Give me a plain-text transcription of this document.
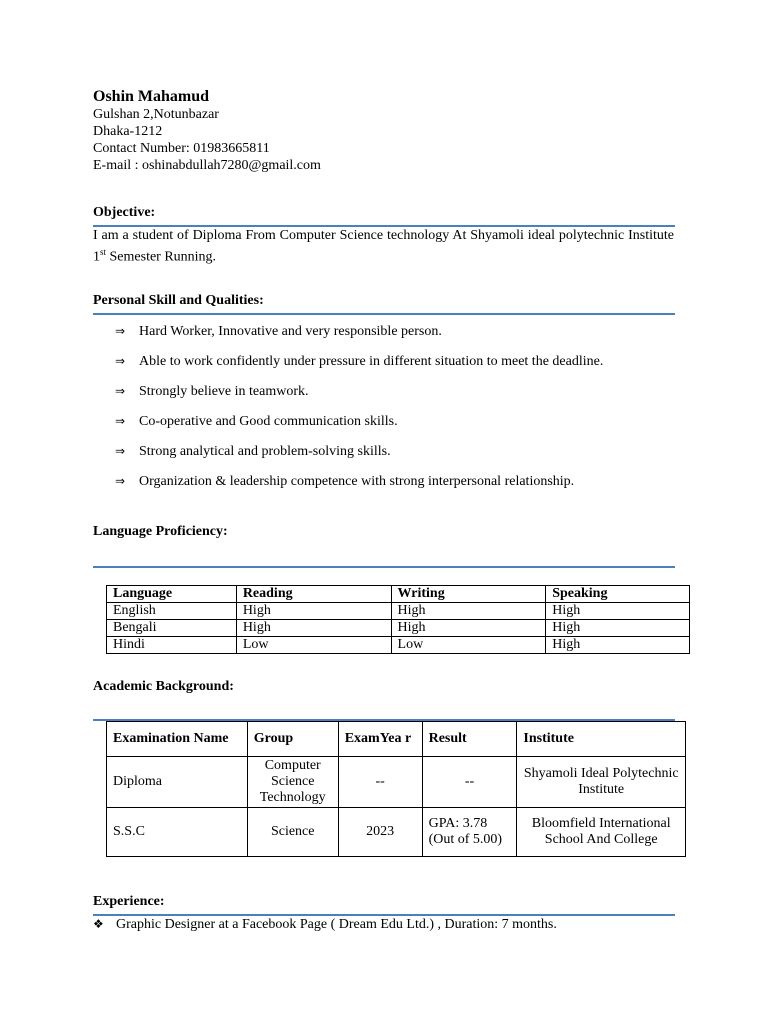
Oshin Mahamud
Gulshan 2,Notunbazar
Dhaka-1212
Contact Number: 01983665811
E-mail : oshinabdullah7280@gmail.com
Objective:
I am a student of Diploma From Computer Science technology At Shyamoli ideal polytechnic Institute 1st Semester Running.
Personal Skill and Qualities:
⇒ Hard Worker, Innovative and very responsible person.
⇒ Able to work confidently under pressure in different situation to meet the deadline.
⇒ Strongly believe in teamwork.
⇒ Co-operative and Good communication skills.
⇒ Strong analytical and problem-solving skills.
⇒ Organization & leadership competence with strong interpersonal relationship.
Language Proficiency:
Language	Reading	Writing	Speaking
English	High	High	High
Bengali	High	High	High
Hindi	Low	Low	High
Academic Background:
Examination Name	Group	ExamYea r	Result	Institute
Diploma	Computer Science Technology	--	--	Shyamoli Ideal Polytechnic Institute
S.S.C	Science	2023	GPA: 3.78 (Out of 5.00)	Bloomfield International School And College
Experience:
❖ Graphic Designer at a Facebook Page ( Dream Edu Ltd.) , Duration: 7 months.
